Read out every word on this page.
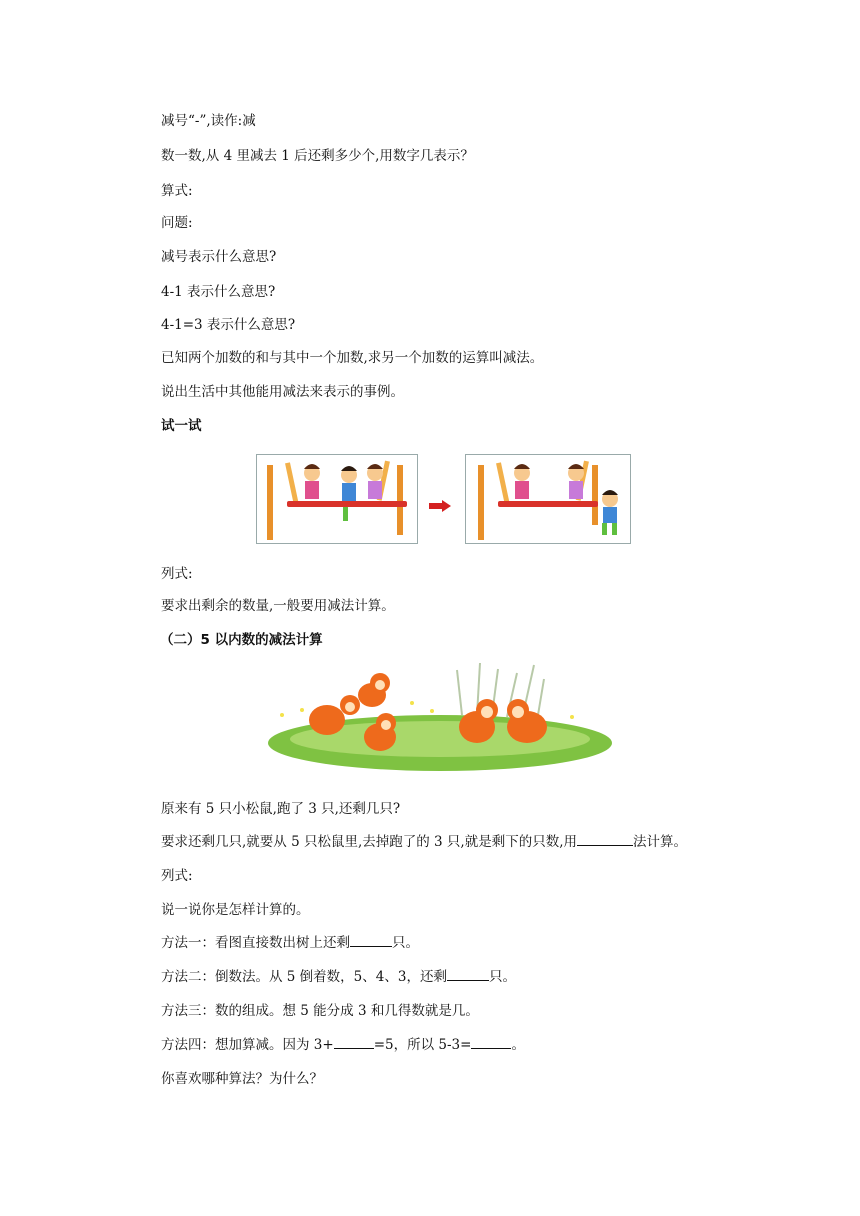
减号“-”,读作:减
数一数,从 4 里减去 1 后还剩多少个,用数字几表示？
算式:
问题:
减号表示什么意思?
4-1 表示什么意思?
4-1=3 表示什么意思?
已知两个加数的和与其中一个加数,求另一个加数的运算叫减法。
说出生活中其他能用减法来表示的事例。
试一试
列式:
要求出剩余的数量,一般要用减法计算。
（二）5 以内数的减法计算
原来有 5 只小松鼠,跑了 3 只,还剩几只?
要求还剩几只,就要从 5 只松鼠里,去掉跑了的 3 只,就是剩下的只数,用	法计算。
列式:
说一说你是怎样计算的。
方法一：看图直接数出树上还剩	只。
方法二：倒数法。从 5 倒着数，5、4、3，还剩	只。
方法三：数的组成。想 5 能分成 3 和几得数就是几。
方法四：想加算减。因为 3+	=5，所以 5-3=	。
你喜欢哪种算法？为什么？
